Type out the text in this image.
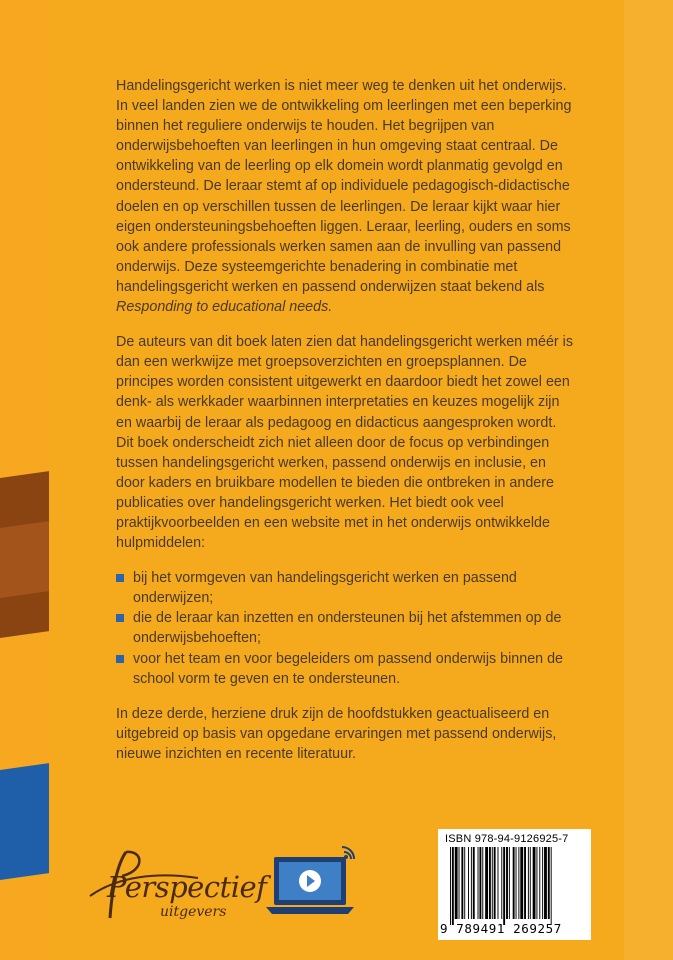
Handelingsgericht werken is niet meer weg te denken uit het onderwijs. In veel landen zien we de ontwikkeling om leerlingen met een beperking binnen het reguliere onderwijs te houden. Het begrijpen van onderwijsbehoeften van leerlingen in hun omgeving staat centraal. De ontwikkeling van de leerling op elk domein wordt planmatig gevolgd en ondersteund. De leraar stemt af op individuele pedagogisch-didactische doelen en op verschillen tussen de leerlingen. De leraar kijkt waar hier eigen ondersteuningsbehoeften liggen. Leraar, leerling, ouders en soms ook andere professionals werken samen aan de invulling van passend onderwijs. Deze systeemgerichte benadering in combinatie met handelingsgericht werken en passend onderwijzen staat bekend als Responding to educational needs.

De auteurs van dit boek laten zien dat handelingsgericht werken méér is dan een werkwijze met groepsoverzichten en groepsplannen. De principes worden consistent uitgewerkt en daardoor biedt het zowel een denk- als werkkader waarbinnen interpretaties en keuzes mogelijk zijn en waarbij de leraar als pedagoog en didacticus aangesproken wordt. Dit boek onderscheidt zich niet alleen door de focus op verbindingen tussen handelingsgericht werken, passend onderwijs en inclusie, en door kaders en bruikbare modellen te bieden die ontbreken in andere publicaties over handelingsgericht werken. Het biedt ook veel praktijkvoorbeelden en een website met in het onderwijs ontwikkelde hulpmiddelen:

bij het vormgeven van handelingsgericht werken en passend onderwijzen;
die de leraar kan inzetten en ondersteunen bij het afstemmen op de onderwijsbehoeften;
voor het team en voor begeleiders om passend onderwijs binnen de school vorm te geven en te ondersteunen.

In deze derde, herziene druk zijn de hoofdstukken geactualiseerd en uitgebreid op basis van opgedane ervaringen met passend onderwijs, nieuwe inzichten en recente literatuur.

Perspectief
uitgevers
ISBN 978-94-9126925-7
9 789491 269257
